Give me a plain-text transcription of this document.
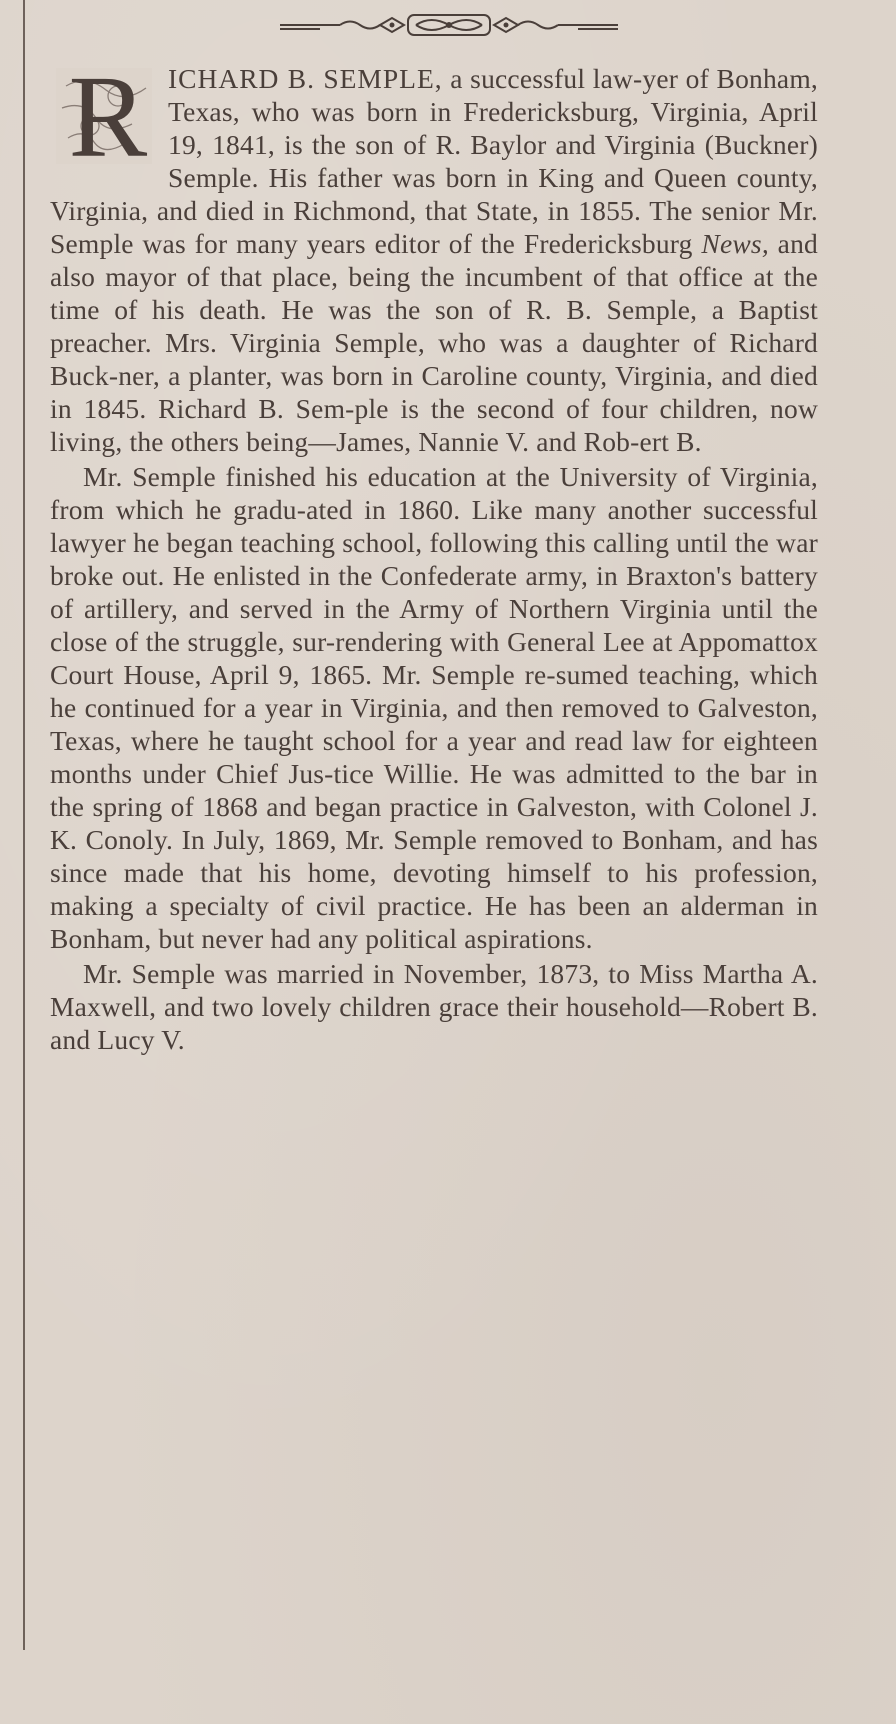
R ICHARD B. SEMPLE, a successful law-yer of Bonham, Texas, who was born in Fredericksburg, Virginia, April 19, 1841, is the son of R. Baylor and Virginia (Buckner) Semple. His father was born in King and Queen county, Virginia, and died in Richmond, that State, in 1855. The senior Mr. Semple was for many years editor of the Fredericksburg News, and also mayor of that place, being the incumbent of that office at the time of his death. He was the son of R. B. Semple, a Baptist preacher. Mrs. Virginia Semple, who was a daughter of Richard Buck-ner, a planter, was born in Caroline county, Virginia, and died in 1845. Richard B. Sem-ple is the second of four children, now living, the others being—James, Nannie V. and Rob-ert B.

Mr. Semple finished his education at the University of Virginia, from which he gradu-ated in 1860. Like many another successful lawyer he began teaching school, following this calling until the war broke out. He enlisted in the Confederate army, in Braxton's battery of artillery, and served in the Army of Northern Virginia until the close of the struggle, sur-rendering with General Lee at Appomattox Court House, April 9, 1865. Mr. Semple re-sumed teaching, which he continued for a year in Virginia, and then removed to Galveston, Texas, where he taught school for a year and read law for eighteen months under Chief Jus-tice Willie. He was admitted to the bar in the spring of 1868 and began practice in Galveston, with Colonel J. K. Conoly. In July, 1869, Mr. Semple removed to Bonham, and has since made that his home, devoting himself to his profession, making a specialty of civil practice. He has been an alderman in Bonham, but never had any political aspirations.

Mr. Semple was married in November, 1873, to Miss Martha A. Maxwell, and two lovely children grace their household—Robert B. and Lucy V.
